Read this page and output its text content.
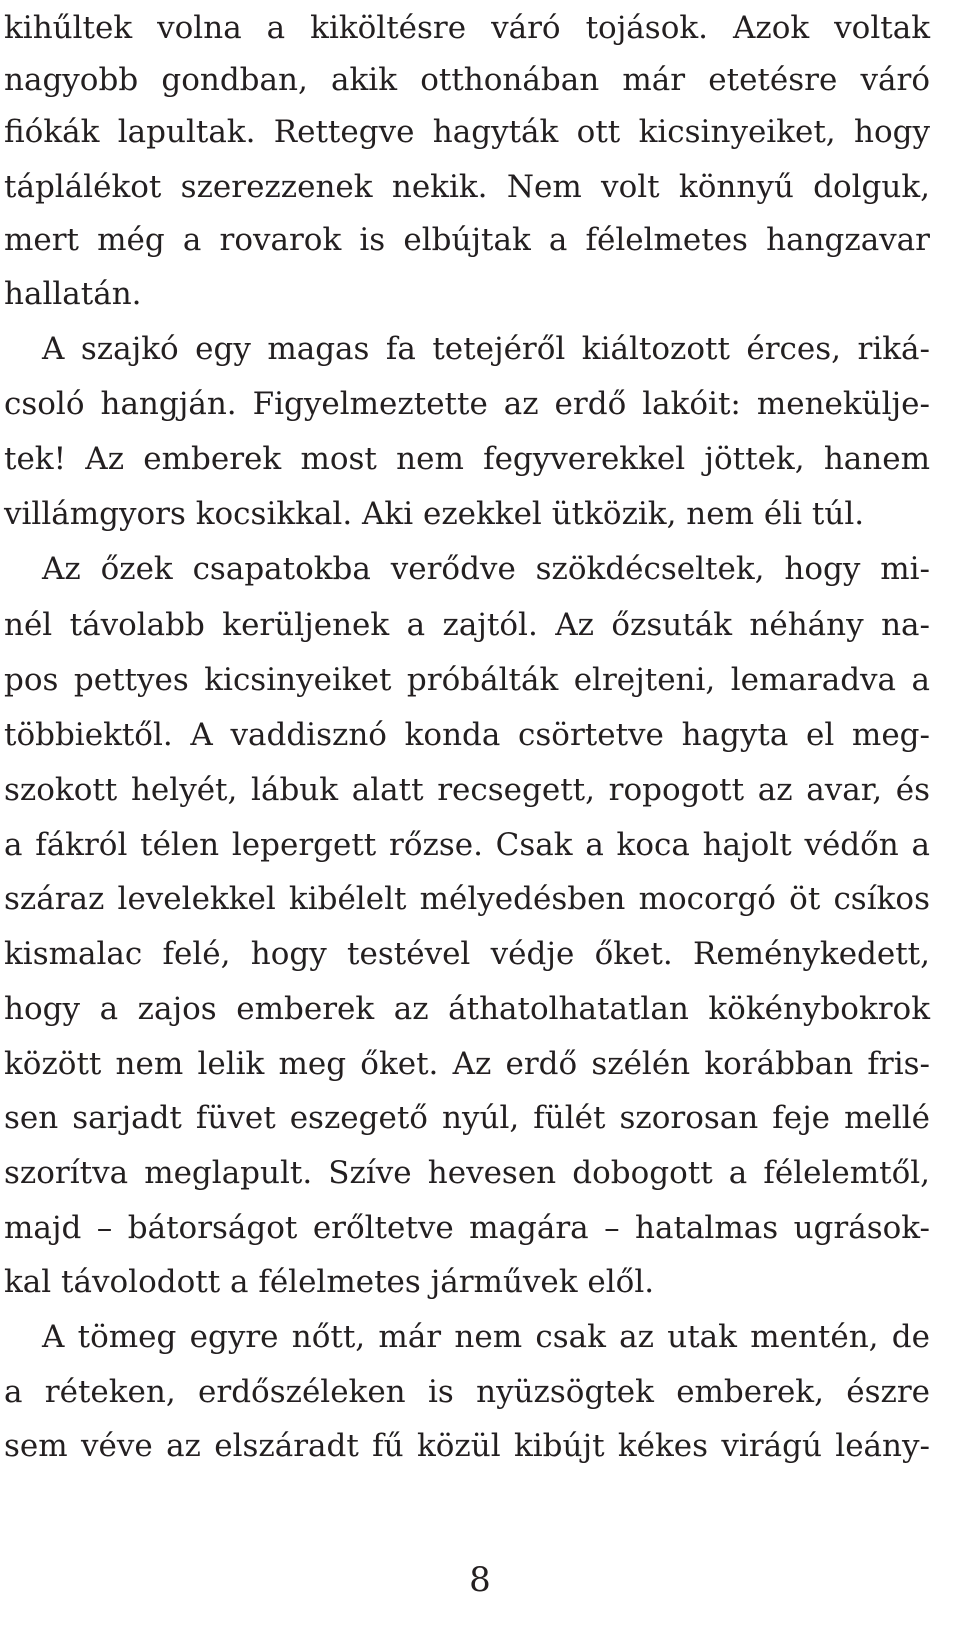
kihűltek volna a kiköltésre váró tojások. Azok voltak
nagyobb gondban, akik otthonában már etetésre váró
fiókák lapultak. Rettegve hagyták ott kicsinyeiket, hogy
táplálékot szerezzenek nekik. Nem volt könnyű dolguk,
mert még a rovarok is elbújtak a félelmetes hangzavar
hallatán.
A szajkó egy magas fa tetejéről kiáltozott érces, riká-
csoló hangján. Figyelmeztette az erdő lakóit: menekülje-
tek! Az emberek most nem fegyverekkel jöttek, hanem
villámgyors kocsikkal. Aki ezekkel ütközik, nem éli túl.
Az őzek csapatokba verődve szökdécseltek, hogy mi-
nél távolabb kerüljenek a zajtól. Az őzsuták néhány na-
pos pettyes kicsinyeiket próbálták elrejteni, lemaradva a
többiektől. A vaddisznó konda csörtetve hagyta el meg-
szokott helyét, lábuk alatt recsegett, ropogott az avar, és
a fákról télen lepergett rőzse. Csak a koca hajolt védőn a
száraz levelekkel kibélelt mélyedésben mocorgó öt csíkos
kismalac felé, hogy testével védje őket. Reménykedett,
hogy a zajos emberek az áthatolhatatlan kökénybokrok
között nem lelik meg őket. Az erdő szélén korábban fris-
sen sarjadt füvet eszegető nyúl, fülét szorosan feje mellé
szorítva meglapult. Szíve hevesen dobogott a félelemtől,
majd – bátorságot erőltetve magára – hatalmas ugrások-
kal távolodott a félelmetes járművek elől.
A tömeg egyre nőtt, már nem csak az utak mentén, de
a réteken, erdőszéleken is nyüzsögtek emberek, észre
sem véve az elszáradt fű közül kibújt kékes virágú leány-
8
